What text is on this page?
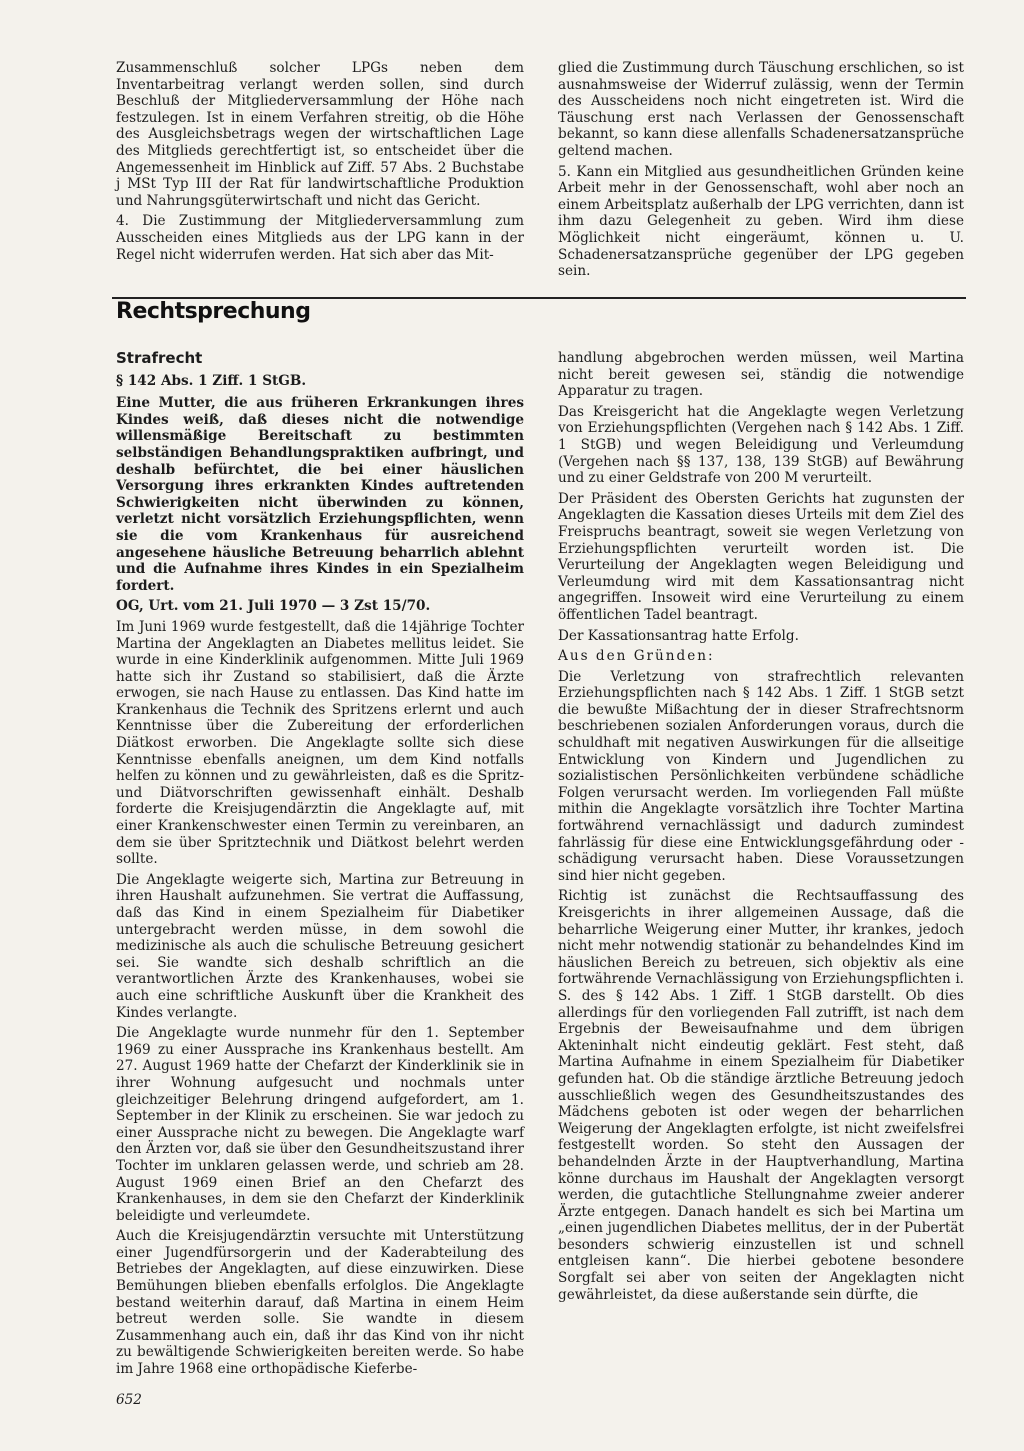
Zusammenschluß solcher LPGs neben dem Inventarbeitrag verlangt werden sollen, sind durch Beschluß der Mitgliederversammlung der Höhe nach festzulegen. Ist in einem Verfahren streitig, ob die Höhe des Ausgleichsbetrags wegen der wirtschaftlichen Lage des Mitglieds gerechtfertigt ist, so entscheidet über die Angemessenheit im Hinblick auf Ziff. 57 Abs. 2 Buchstabe j MSt Typ III der Rat für landwirtschaftliche Produktion und Nahrungsgüterwirtschaft und nicht das Gericht.

4. Die Zustimmung der Mitgliederversammlung zum Ausscheiden eines Mitglieds aus der LPG kann in der Regel nicht widerrufen werden. Hat sich aber das Mit-

glied die Zustimmung durch Täuschung erschlichen, so ist ausnahmsweise der Widerruf zulässig, wenn der Termin des Ausscheidens noch nicht eingetreten ist. Wird die Täuschung erst nach Verlassen der Genossenschaft bekannt, so kann diese allenfalls Schadenersatzansprüche geltend machen.

5. Kann ein Mitglied aus gesundheitlichen Gründen keine Arbeit mehr in der Genossenschaft, wohl aber noch an einem Arbeitsplatz außerhalb der LPG verrichten, dann ist ihm dazu Gelegenheit zu geben. Wird ihm diese Möglichkeit nicht eingeräumt, können u. U. Schadenersatzansprüche gegenüber der LPG gegeben sein.

Rechtsprechung
Strafrecht
§ 142 Abs. 1 Ziff. 1 StGB.

Eine Mutter, die aus früheren Erkrankungen ihres Kindes weiß, daß dieses nicht die notwendige willensmäßige Bereitschaft zu bestimmten selbständigen Behandlungspraktiken aufbringt, und deshalb befürchtet, die bei einer häuslichen Versorgung ihres erkrankten Kindes auftretenden Schwierigkeiten nicht überwinden zu können, verletzt nicht vorsätzlich Erziehungspflichten, wenn sie die vom Krankenhaus für ausreichend angesehene häusliche Betreuung beharrlich ablehnt und die Aufnahme ihres Kindes in ein Spezialheim fordert.

OG, Urt. vom 21. Juli 1970 — 3 Zst 15/70.

Im Juni 1969 wurde festgestellt, daß die 14jährige Tochter Martina der Angeklagten an Diabetes mellitus leidet. Sie wurde in eine Kinderklinik aufgenommen. Mitte Juli 1969 hatte sich ihr Zustand so stabilisiert, daß die Ärzte erwogen, sie nach Hause zu entlassen. Das Kind hatte im Krankenhaus die Technik des Spritzens erlernt und auch Kenntnisse über die Zubereitung der erforderlichen Diätkost erworben. Die Angeklagte sollte sich diese Kenntnisse ebenfalls aneignen, um dem Kind notfalls helfen zu können und zu gewährleisten, daß es die Spritz- und Diätvorschriften gewissenhaft einhält. Deshalb forderte die Kreisjugendärztin die Angeklagte auf, mit einer Krankenschwester einen Termin zu vereinbaren, an dem sie über Spritztechnik und Diätkost belehrt werden sollte.

Die Angeklagte weigerte sich, Martina zur Betreuung in ihren Haushalt aufzunehmen. Sie vertrat die Auffassung, daß das Kind in einem Spezialheim für Diabetiker untergebracht werden müsse, in dem sowohl die medizinische als auch die schulische Betreuung gesichert sei. Sie wandte sich deshalb schriftlich an die verantwortlichen Ärzte des Krankenhauses, wobei sie auch eine schriftliche Auskunft über die Krankheit des Kindes verlangte.

Die Angeklagte wurde nunmehr für den 1. September 1969 zu einer Aussprache ins Krankenhaus bestellt. Am 27. August 1969 hatte der Chefarzt der Kinderklinik sie in ihrer Wohnung aufgesucht und nochmals unter gleichzeitiger Belehrung dringend aufgefordert, am 1. September in der Klinik zu erscheinen. Sie war jedoch zu einer Aussprache nicht zu bewegen. Die Angeklagte warf den Ärzten vor, daß sie über den Gesundheitszustand ihrer Tochter im unklaren gelassen werde, und schrieb am 28. August 1969 einen Brief an den Chefarzt des Krankenhauses, in dem sie den Chefarzt der Kinderklinik beleidigte und verleumdete.

Auch die Kreisjugendärztin versuchte mit Unterstützung einer Jugendfürsorgerin und der Kaderabteilung des Betriebes der Angeklagten, auf diese einzuwirken. Diese Bemühungen blieben ebenfalls erfolglos. Die Angeklagte bestand weiterhin darauf, daß Martina in einem Heim betreut werden solle. Sie wandte in diesem Zusammenhang auch ein, daß ihr das Kind von ihr nicht zu bewältigende Schwierigkeiten bereiten werde. So habe im Jahre 1968 eine orthopädische Kieferbe-

handlung abgebrochen werden müssen, weil Martina nicht bereit gewesen sei, ständig die notwendige Apparatur zu tragen.

Das Kreisgericht hat die Angeklagte wegen Verletzung von Erziehungspflichten (Vergehen nach § 142 Abs. 1 Ziff. 1 StGB) und wegen Beleidigung und Verleumdung (Vergehen nach §§ 137, 138, 139 StGB) auf Bewährung und zu einer Geldstrafe von 200 M verurteilt.

Der Präsident des Obersten Gerichts hat zugunsten der Angeklagten die Kassation dieses Urteils mit dem Ziel des Freispruchs beantragt, soweit sie wegen Verletzung von Erziehungspflichten verurteilt worden ist. Die Verurteilung der Angeklagten wegen Beleidigung und Verleumdung wird mit dem Kassationsantrag nicht angegriffen. Insoweit wird eine Verurteilung zu einem öffentlichen Tadel beantragt.

Der Kassationsantrag hatte Erfolg.

Aus den Gründen:

Die Verletzung von strafrechtlich relevanten Erziehungspflichten nach § 142 Abs. 1 Ziff. 1 StGB setzt die bewußte Mißachtung der in dieser Strafrechtsnorm beschriebenen sozialen Anforderungen voraus, durch die schuldhaft mit negativen Auswirkungen für die allseitige Entwicklung von Kindern und Jugendlichen zu sozialistischen Persönlichkeiten verbündene schädliche Folgen verursacht werden. Im vorliegenden Fall müßte mithin die Angeklagte vorsätzlich ihre Tochter Martina fortwährend vernachlässigt und dadurch zumindest fahrlässig für diese eine Entwicklungsgefährdung oder -schädigung verursacht haben. Diese Voraussetzungen sind hier nicht gegeben.

Richtig ist zunächst die Rechtsauffassung des Kreisgerichts in ihrer allgemeinen Aussage, daß die beharrliche Weigerung einer Mutter, ihr krankes, jedoch nicht mehr notwendig stationär zu behandelndes Kind im häuslichen Bereich zu betreuen, sich objektiv als eine fortwährende Vernachlässigung von Erziehungspflichten i. S. des § 142 Abs. 1 Ziff. 1 StGB darstellt. Ob dies allerdings für den vorliegenden Fall zutrifft, ist nach dem Ergebnis der Beweisaufnahme und dem übrigen Akteninhalt nicht eindeutig geklärt. Fest steht, daß Martina Aufnahme in einem Spezialheim für Diabetiker gefunden hat. Ob die ständige ärztliche Betreuung jedoch ausschließlich wegen des Gesundheitszustandes des Mädchens geboten ist oder wegen der beharrlichen Weigerung der Angeklagten erfolgte, ist nicht zweifelsfrei festgestellt worden. So steht den Aussagen der behandelnden Ärzte in der Hauptverhandlung, Martina könne durchaus im Haushalt der Angeklagten versorgt werden, die gutachtliche Stellungnahme zweier anderer Ärzte entgegen. Danach handelt es sich bei Martina um „einen jugendlichen Diabetes mellitus, der in der Pubertät besonders schwierig einzustellen ist und schnell entgleisen kann“. Die hierbei gebotene besondere Sorgfalt sei aber von seiten der Angeklagten nicht gewährleistet, da diese außerstande sein dürfte, die

652
